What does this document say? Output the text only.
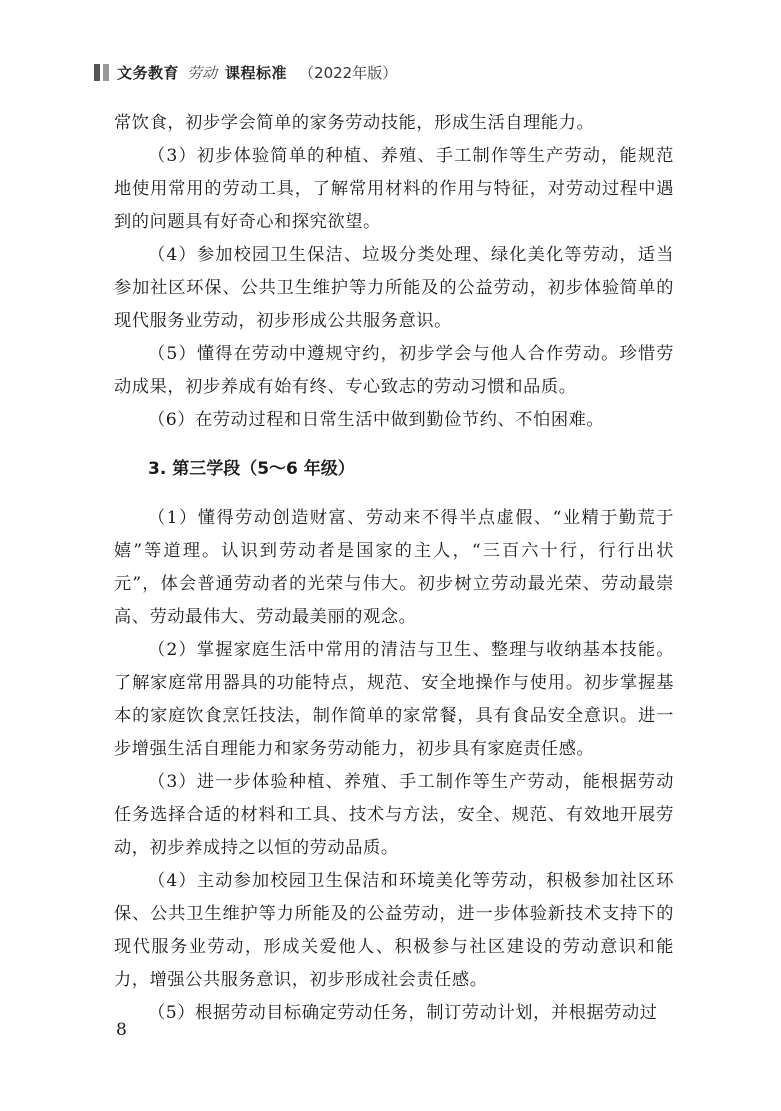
文务教育 劳动 课程标准 （2022年版）

常饮食，初步学会简单的家务劳动技能，形成生活自理能力。

（3）初步体验简单的种植、养殖、手工制作等生产劳动，能规范地使用常用的劳动工具，了解常用材料的作用与特征，对劳动过程中遇到的问题具有好奇心和探究欲望。

（4）参加校园卫生保洁、垃圾分类处理、绿化美化等劳动，适当参加社区环保、公共卫生维护等力所能及的公益劳动，初步体验简单的现代服务业劳动，初步形成公共服务意识。

（5）懂得在劳动中遵规守约，初步学会与他人合作劳动。珍惜劳动成果，初步养成有始有终、专心致志的劳动习惯和品质。

（6）在劳动过程和日常生活中做到勤俭节约、不怕困难。

3. 第三学段（5～6 年级）

（1）懂得劳动创造财富、劳动来不得半点虚假、“业精于勤荒于嬉”等道理。认识到劳动者是国家的主人，“三百六十行，行行出状元”，体会普通劳动者的光荣与伟大。初步树立劳动最光荣、劳动最崇高、劳动最伟大、劳动最美丽的观念。

（2）掌握家庭生活中常用的清洁与卫生、整理与收纳基本技能。了解家庭常用器具的功能特点，规范、安全地操作与使用。初步掌握基本的家庭饮食烹饪技法，制作简单的家常餐，具有食品安全意识。进一步增强生活自理能力和家务劳动能力，初步具有家庭责任感。

（3）进一步体验种植、养殖、手工制作等生产劳动，能根据劳动任务选择合适的材料和工具、技术与方法，安全、规范、有效地开展劳动，初步养成持之以恒的劳动品质。

（4）主动参加校园卫生保洁和环境美化等劳动，积极参加社区环保、公共卫生维护等力所能及的公益劳动，进一步体验新技术支持下的现代服务业劳动，形成关爱他人、积极参与社区建设的劳动意识和能力，增强公共服务意识，初步形成社会责任感。

（5）根据劳动目标确定劳动任务，制订劳动计划，并根据劳动过

8
